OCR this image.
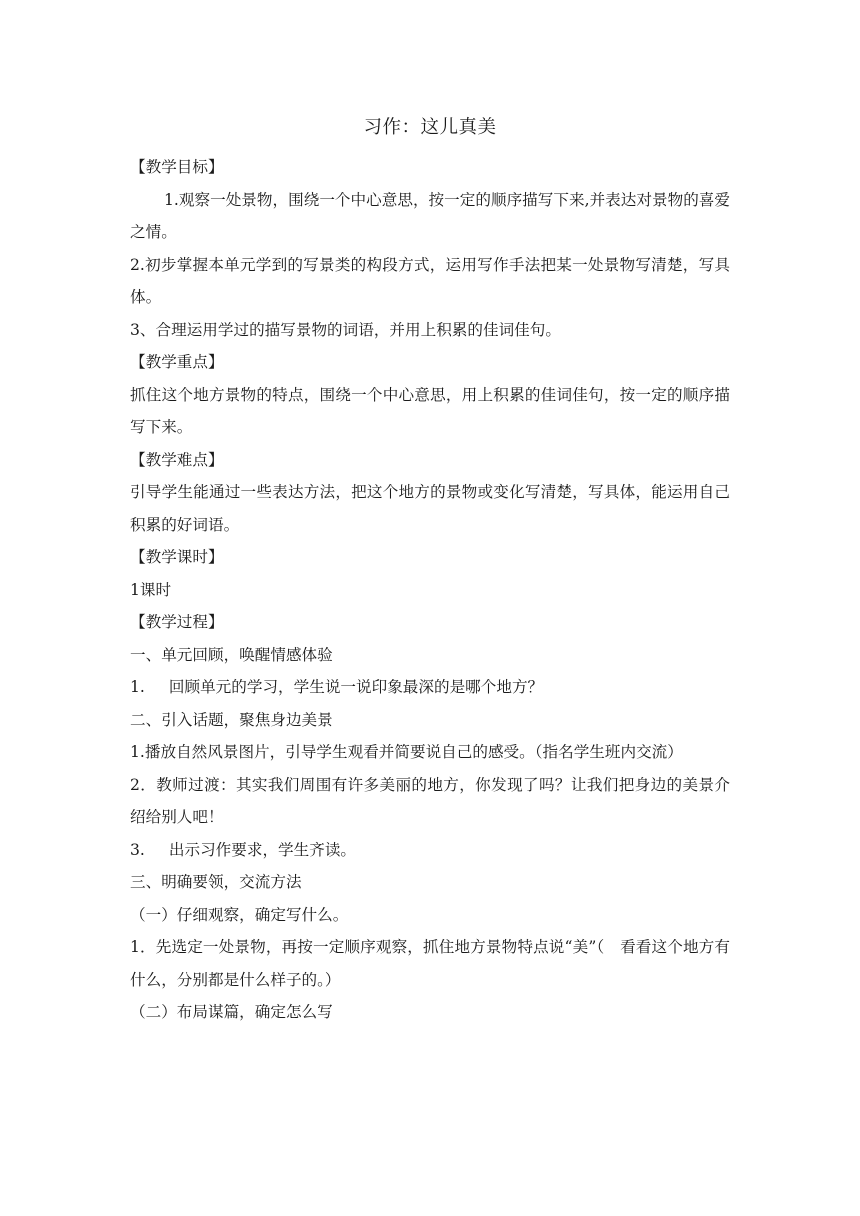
习作：这儿真美

【教学目标】

1.观察一处景物，围绕一个中心意思，按一定的顺序描写下来,并表达对景物的喜爱之情。

2.初步掌握本单元学到的写景类的构段方式，运用写作手法把某一处景物写清楚，写具体。

3、合理运用学过的描写景物的词语，并用上积累的佳词佳句。

【教学重点】

抓住这个地方景物的特点，围绕一个中心意思，用上积累的佳词佳句，按一定的顺序描写下来。

【教学难点】

引导学生能通过一些表达方法，把这个地方的景物或变化写清楚，写具体，能运用自己积累的好词语。

【教学课时】

1课时

【教学过程】

一、单元回顾，唤醒情感体验

1. 回顾单元的学习，学生说一说印象最深的是哪个地方？

二、引入话题，聚焦身边美景

1.播放自然风景图片，引导学生观看并简要说自己的感受。（指名学生班内交流）

2．教师过渡：其实我们周围有许多美丽的地方，你发现了吗？让我们把身边的美景介绍给别人吧！

3. 出示习作要求，学生齐读。

三、明确要领，交流方法

（一）仔细观察，确定写什么。

1．先选定一处景物，再按一定顺序观察，抓住地方景物特点说“美”（　看看这个地方有什么，分别都是什么样子的。）

（二）布局谋篇，确定怎么写
